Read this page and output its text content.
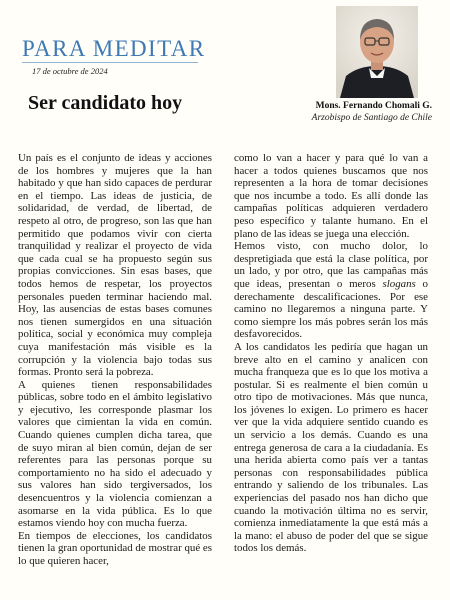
PARA MEDITAR
17 de octubre de 2024
Ser candidato hoy	Mons. Fernando Chomali G.
Arzobispo de Santiago de Chile

Un país es el conjunto de ideas y acciones de los hombres y mujeres que la han habitado y que han sido capaces de perdurar en el tiempo. Las ideas de justicia, de solidaridad, de verdad, de libertad, de respeto al otro, de progreso, son las que han permitido que podamos vivir con cierta tranquilidad y realizar el proyecto de vida que cada cual se ha propuesto según sus propias convicciones. Sin esas bases, que todos hemos de respetar, los proyectos personales pueden terminar haciendo mal. Hoy, las ausencias de estas bases comunes nos tienen sumergidos en una situación política, social y económica muy compleja cuya manifestación más visible es la corrupción y la violencia bajo todas sus formas. Pronto será la pobreza.

A quienes tienen responsabilidades públicas, sobre todo en el ámbito legislativo y ejecutivo, les corresponde plasmar los valores que cimientan la vida en común. Cuando quienes cumplen dicha tarea, que de suyo miran al bien común, dejan de ser referentes para las personas porque su comportamiento no ha sido el adecuado y sus valores han sido tergiversados, los desencuentros y la violencia comienzan a asomarse en la vida pública. Es lo que estamos viendo hoy con mucha fuerza.

En tiempos de elecciones, los candidatos tienen la gran oportunidad de mostrar qué es lo que quieren hacer,

como lo van a hacer y para qué lo van a hacer a todos quienes buscamos que nos representen a la hora de tomar decisiones que nos incumbe a todo. Es allí donde las campañas políticas adquieren verdadero peso específico y talante humano. En el plano de las ideas se juega una elección.

Hemos visto, con mucho dolor, lo despretigiada que está la clase política, por un lado, y por otro, que las campañas más que ideas, presentan o meros slogans o derechamente descalificaciones. Por ese camino no llegaremos a ninguna parte. Y como siempre los más pobres serán los más desfavorecidos.

A los candidatos les pediría que hagan un breve alto en el camino y analicen con mucha franqueza que es lo que los motiva a postular. Si es realmente el bien común u otro tipo de motivaciones. Más que nunca, los jóvenes lo exigen. Lo primero es hacer ver que la vida adquiere sentido cuando es un servicio a los demás. Cuando es una entrega generosa de cara a la ciudadanía. Es una herida abierta como país ver a tantas personas con responsabilidades pública entrando y saliendo de los tribunales. Las experiencias del pasado nos han dicho que cuando la motivación última no es servir, comienza inmediatamente la que está más a la mano: el abuso de poder del que se sigue todos los demás.
